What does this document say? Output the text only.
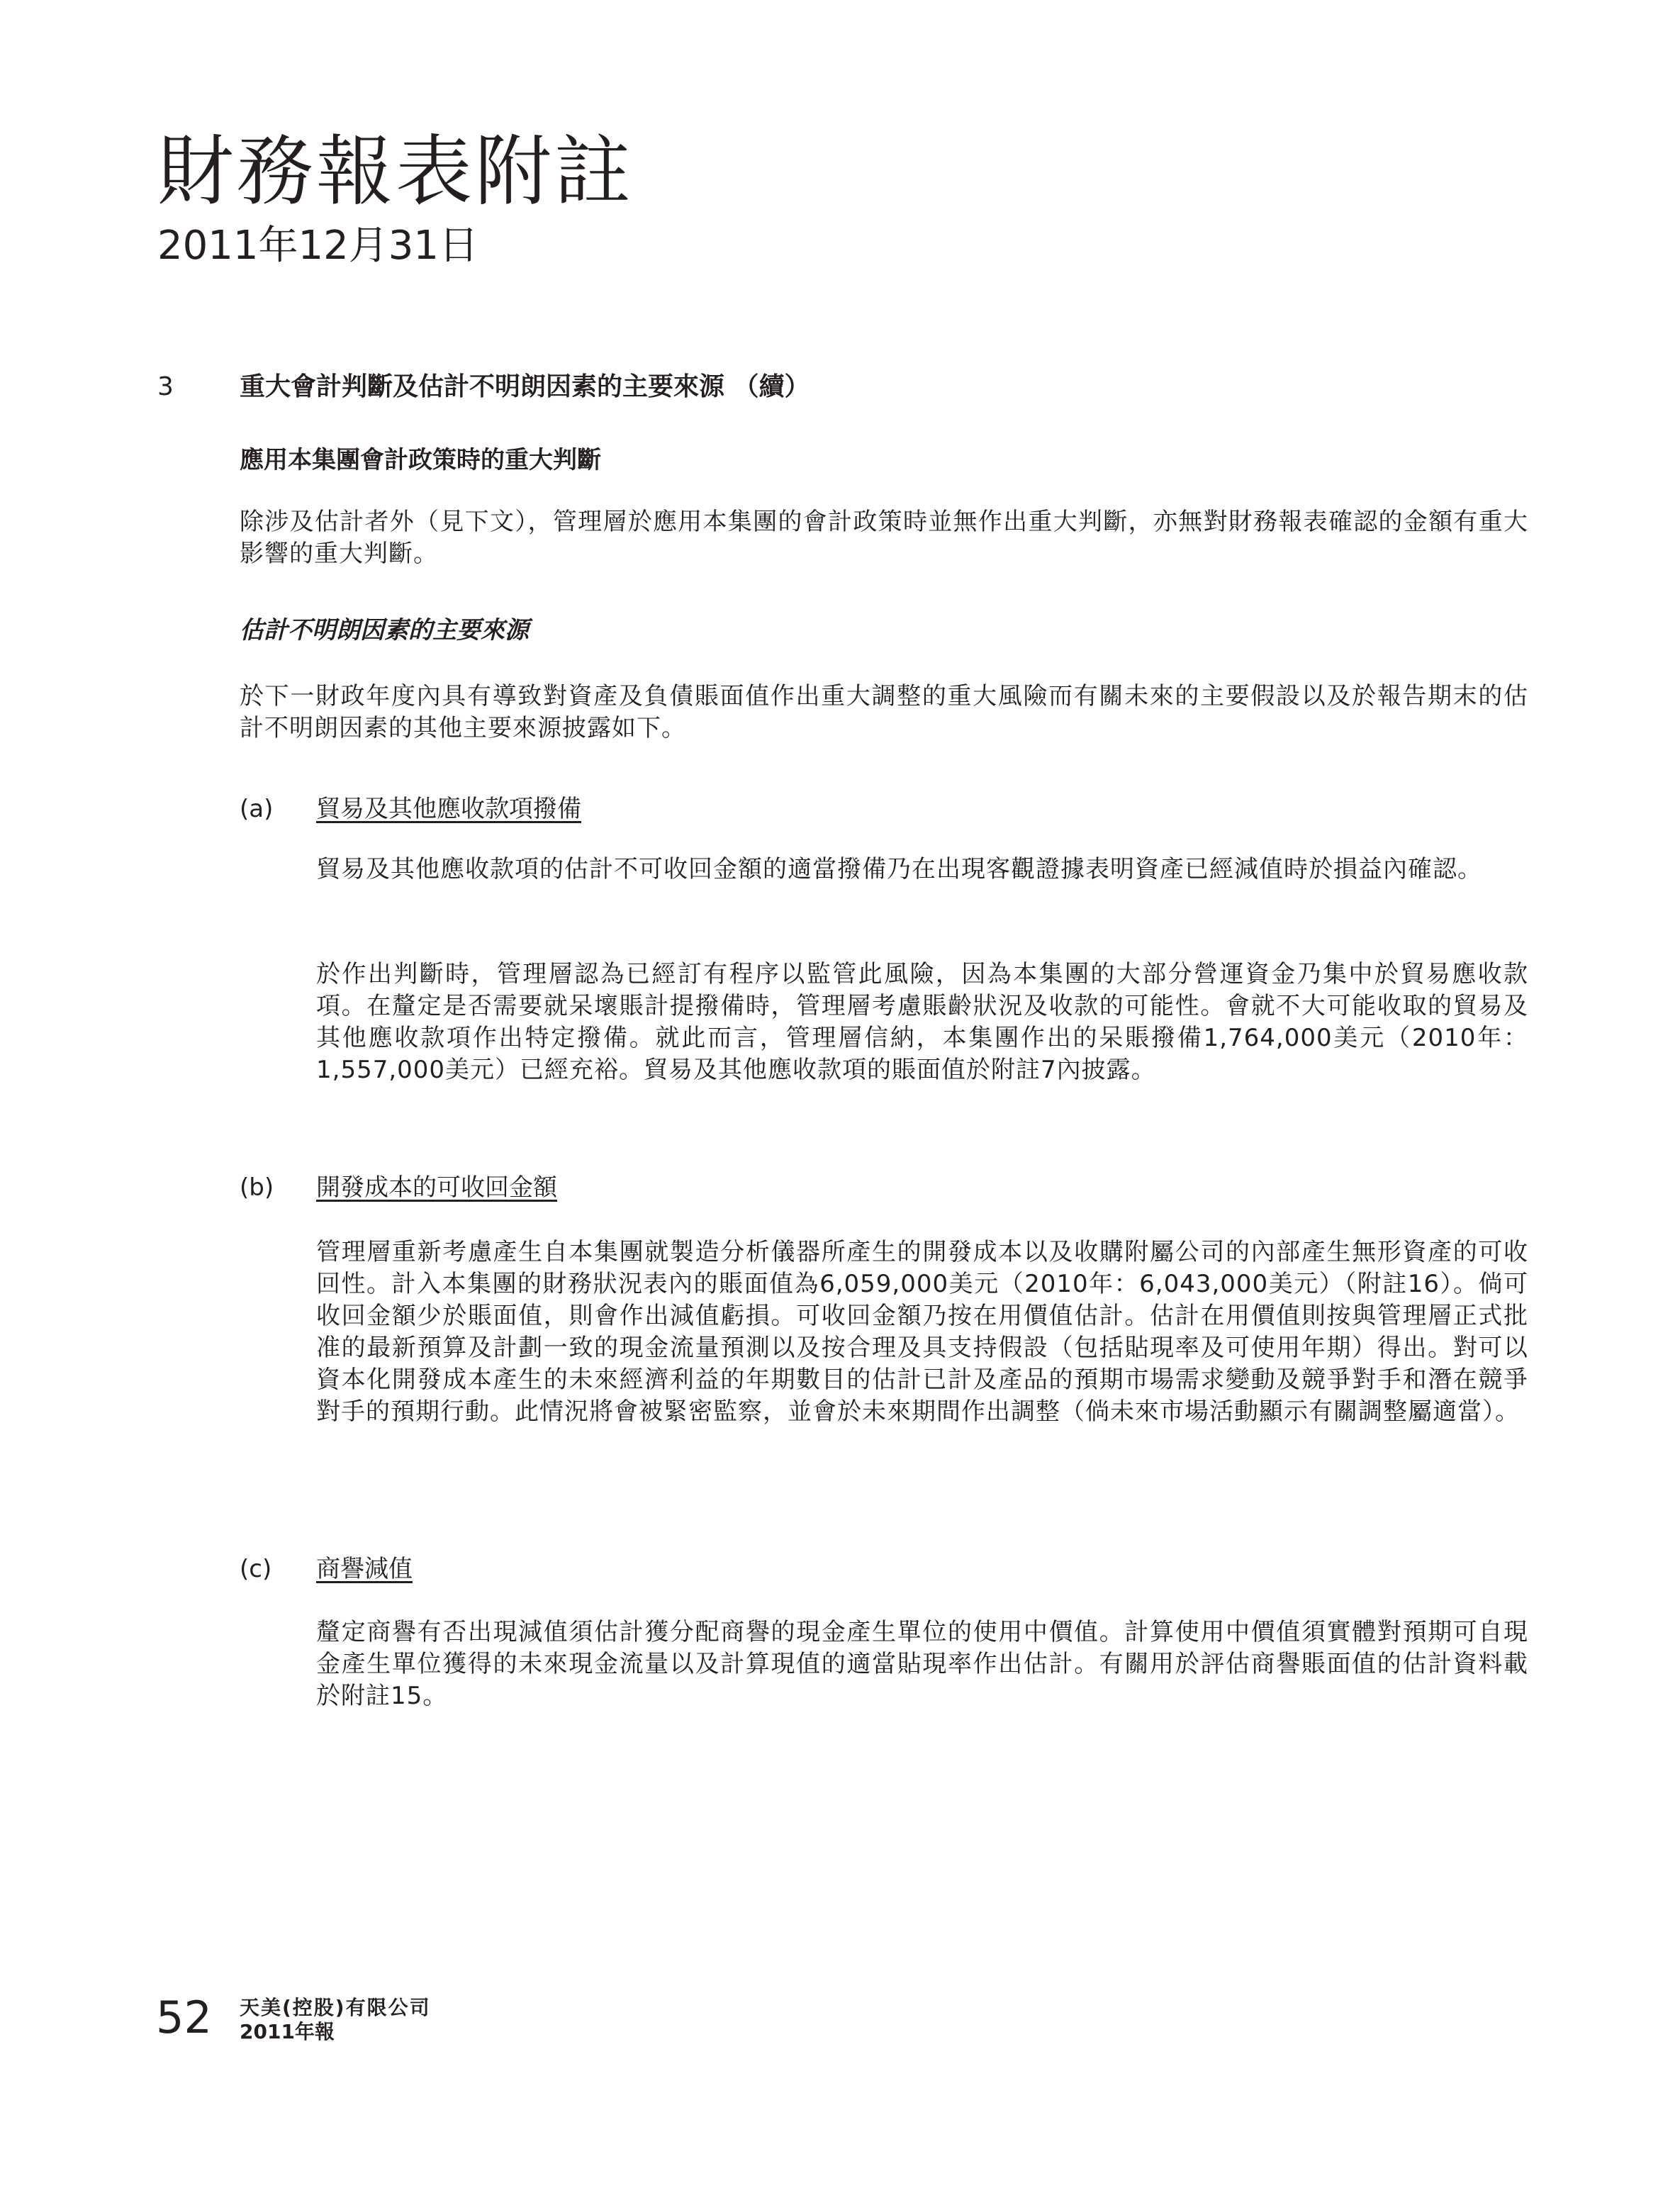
財務報表附註
2011年12月31日
3	重大會計判斷及估計不明朗因素的主要來源 （續）
應用本集團會計政策時的重大判斷

除涉及估計者外（見下文），管理層於應用本集團的會計政策時並無作出重大判斷，亦無對財務報表確認的金額有重大影響的重大判斷。

估計不明朗因素的主要來源

於下一財政年度內具有導致對資產及負債賬面值作出重大調整的重大風險而有關未來的主要假設以及於報告期末的估計不明朗因素的其他主要來源披露如下。

(a) 貿易及其他應收款項撥備

貿易及其他應收款項的估計不可收回金額的適當撥備乃在出現客觀證據表明資產已經減值時於損益內確認。

於作出判斷時，管理層認為已經訂有程序以監管此風險，因為本集團的大部分營運資金乃集中於貿易應收款項。在釐定是否需要就呆壞賬計提撥備時，管理層考慮賬齡狀況及收款的可能性。會就不大可能收取的貿易及其他應收款項作出特定撥備。就此而言，管理層信納，本集團作出的呆賬撥備1,764,000美元（2010年：1,557,000美元）已經充裕。貿易及其他應收款項的賬面值於附註7內披露。

(b) 開發成本的可收回金額

管理層重新考慮產生自本集團就製造分析儀器所產生的開發成本以及收購附屬公司的內部產生無形資產的可收回性。計入本集團的財務狀況表內的賬面值為6,059,000美元（2010年：6,043,000美元）（附註16）。倘可收回金額少於賬面值，則會作出減值虧損。可收回金額乃按在用價值估計。估計在用價值則按與管理層正式批准的最新預算及計劃一致的現金流量預測以及按合理及具支持假設（包括貼現率及可使用年期）得出。對可以資本化開發成本產生的未來經濟利益的年期數目的估計已計及產品的預期市場需求變動及競爭對手和潛在競爭對手的預期行動。此情況將會被緊密監察，並會於未來期間作出調整（倘未來市場活動顯示有關調整屬適當）。

(c) 商譽減值

釐定商譽有否出現減值須估計獲分配商譽的現金產生單位的使用中價值。計算使用中價值須實體對預期可自現金產生單位獲得的未來現金流量以及計算現值的適當貼現率作出估計。有關用於評估商譽賬面值的估計資料載於附註15。

52 天美(控股)有限公司
2011年報
